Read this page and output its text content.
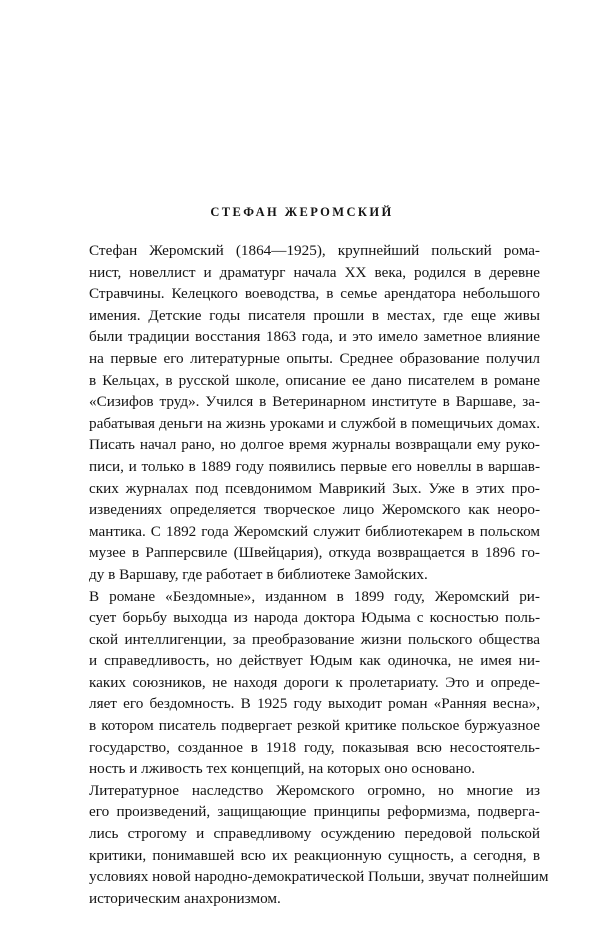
СТЕФАН ЖЕРОМСКИЙ
Стефан Жеромский (1864—1925), крупнейший польский рома-
нист, новеллист и драматург начала XX века, родился в деревне
Стравчины. Келецкого воеводства, в семье арендатора небольшого
имения. Детские годы писателя прошли в местах, где еще живы
были традиции восстания 1863 года, и это имело заметное влияние
на первые его литературные опыты. Среднее образование получил
в Кельцах, в русской школе, описание ее дано писателем в романе
«Сизифов труд». Учился в Ветеринарном институте в Варшаве, за-
рабатывая деньги на жизнь уроками и службой в помещичьих домах.
Писать начал рано, но долгое время журналы возвращали ему руко-
писи, и только в 1889 году появились первые его новеллы в варшав-
ских журналах под псевдонимом Маврикий Зых. Уже в этих про-
изведениях определяется творческое лицо Жеромского как неоро-
мантика. С 1892 года Жеромский служит библиотекарем в польском
музее в Рапперсвиле (Швейцария), откуда возвращается в 1896 го-
ду в Варшаву, где работает в библиотеке Замойских.
В романе «Бездомные», изданном в 1899 году, Жеромский ри-
сует борьбу выходца из народа доктора Юдыма с косностью поль-
ской интеллигенции, за преобразование жизни польского общества
и справедливость, но действует Юдым как одиночка, не имея ни-
каких союзников, не находя дороги к пролетариату. Это и опреде-
ляет его бездомность. В 1925 году выходит роман «Ранняя весна»,
в котором писатель подвергает резкой критике польское буржуазное
государство, созданное в 1918 году, показывая всю несостоятель-
ность и лживость тех концепций, на которых оно основано.
Литературное наследство Жеромского огромно, но многие из
его произведений, защищающие принципы реформизма, подверга-
лись строгому и справедливому осуждению передовой польской
критики, понимавшей всю их реакционную сущность, а сегодня, в
условиях новой народно-демократической Польши, звучат полнейшим
историческим анахронизмом.
